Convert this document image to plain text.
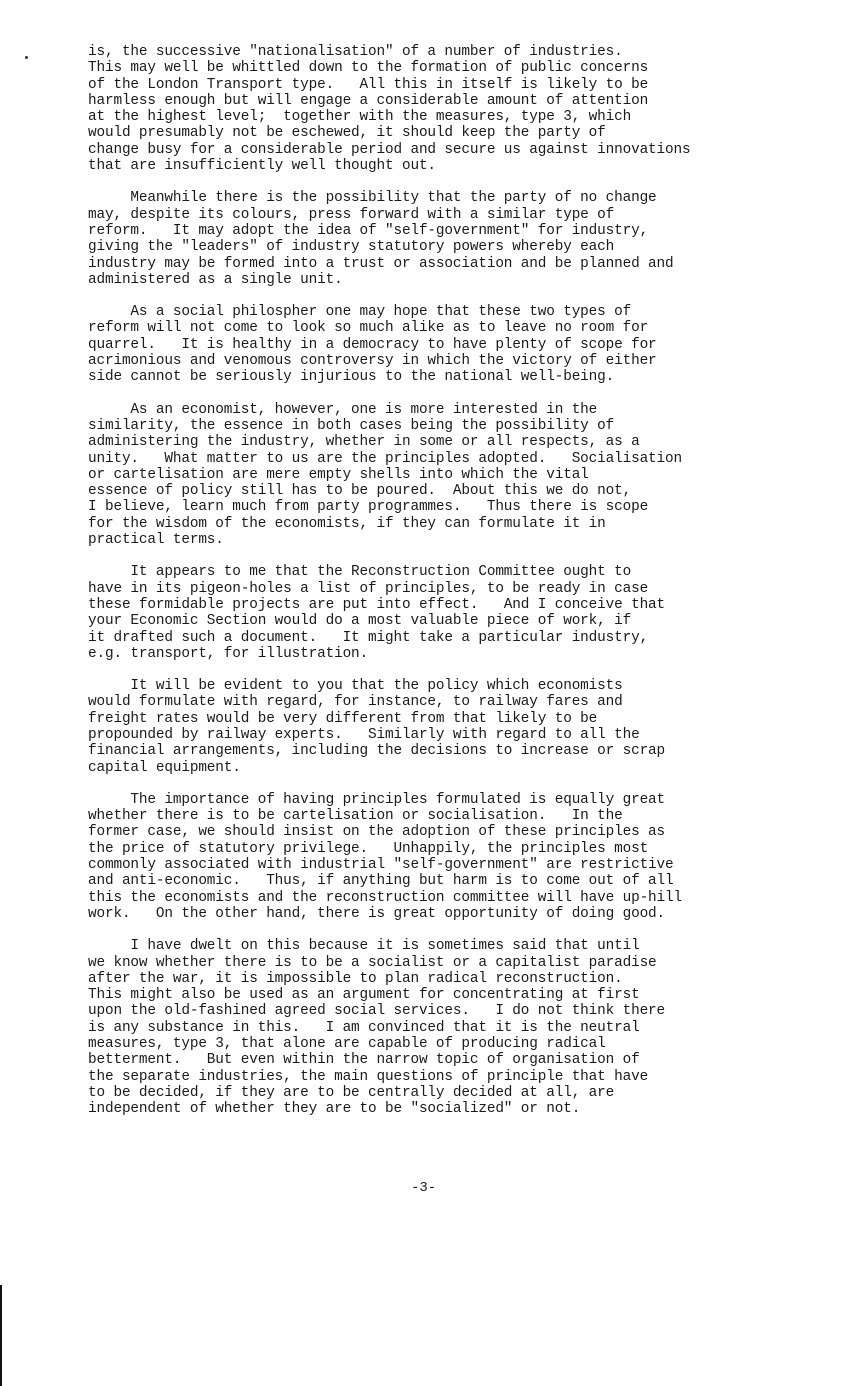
is, the successive "nationalisation" of a number of industries.
This may well be whittled down to the formation of public concerns
of the London Transport type.   All this in itself is likely to be
harmless enough but will engage a considerable amount of attention
at the highest level;  together with the measures, type 3, which
would presumably not be eschewed, it should keep the party of
change busy for a considerable period and secure us against innovations
that are insufficiently well thought out.
Meanwhile there is the possibility that the party of no change
may, despite its colours, press forward with a similar type of
reform.   It may adopt the idea of "self-government" for industry,
giving the "leaders" of industry statutory powers whereby each
industry may be formed into a trust or association and be planned and
administered as a single unit.
As a social philospher one may hope that these two types of
reform will not come to look so much alike as to leave no room for
quarrel.   It is healthy in a democracy to have plenty of scope for
acrimonious and venomous controversy in which the victory of either
side cannot be seriously injurious to the national well-being.
As an economist, however, one is more interested in the
similarity, the essence in both cases being the possibility of
administering the industry, whether in some or all respects, as a
unity.   What matter to us are the principles adopted.   Socialisation
or cartelisation are mere empty shells into which the vital
essence of policy still has to be poured.  About this we do not,
I believe, learn much from party programmes.   Thus there is scope
for the wisdom of the economists, if they can formulate it in
practical terms.
It appears to me that the Reconstruction Committee ought to
have in its pigeon-holes a list of principles, to be ready in case
these formidable projects are put into effect.   And I conceive that
your Economic Section would do a most valuable piece of work, if
it drafted such a document.   It might take a particular industry,
e.g. transport, for illustration.
It will be evident to you that the policy which economists
would formulate with regard, for instance, to railway fares and
freight rates would be very different from that likely to be
propounded by railway experts.   Similarly with regard to all the
financial arrangements, including the decisions to increase or scrap
capital equipment.
The importance of having principles formulated is equally great
whether there is to be cartelisation or socialisation.   In the
former case, we should insist on the adoption of these principles as
the price of statutory privilege.   Unhappily, the principles most
commonly associated with industrial "self-government" are restrictive
and anti-economic.   Thus, if anything but harm is to come out of all
this the economists and the reconstruction committee will have up-hill
work.   On the other hand, there is great opportunity of doing good.
I have dwelt on this because it is sometimes said that until
we know whether there is to be a socialist or a capitalist paradise
after the war, it is impossible to plan radical reconstruction.
This might also be used as an argument for concentrating at first
upon the old-fashined agreed social services.   I do not think there
is any substance in this.   I am convinced that it is the neutral
measures, type 3, that alone are capable of producing radical
betterment.   But even within the narrow topic of organisation of
the separate industries, the main questions of principle that have
to be decided, if they are to be centrally decided at all, are
independent of whether they are to be "socialized" or not.
-3-
